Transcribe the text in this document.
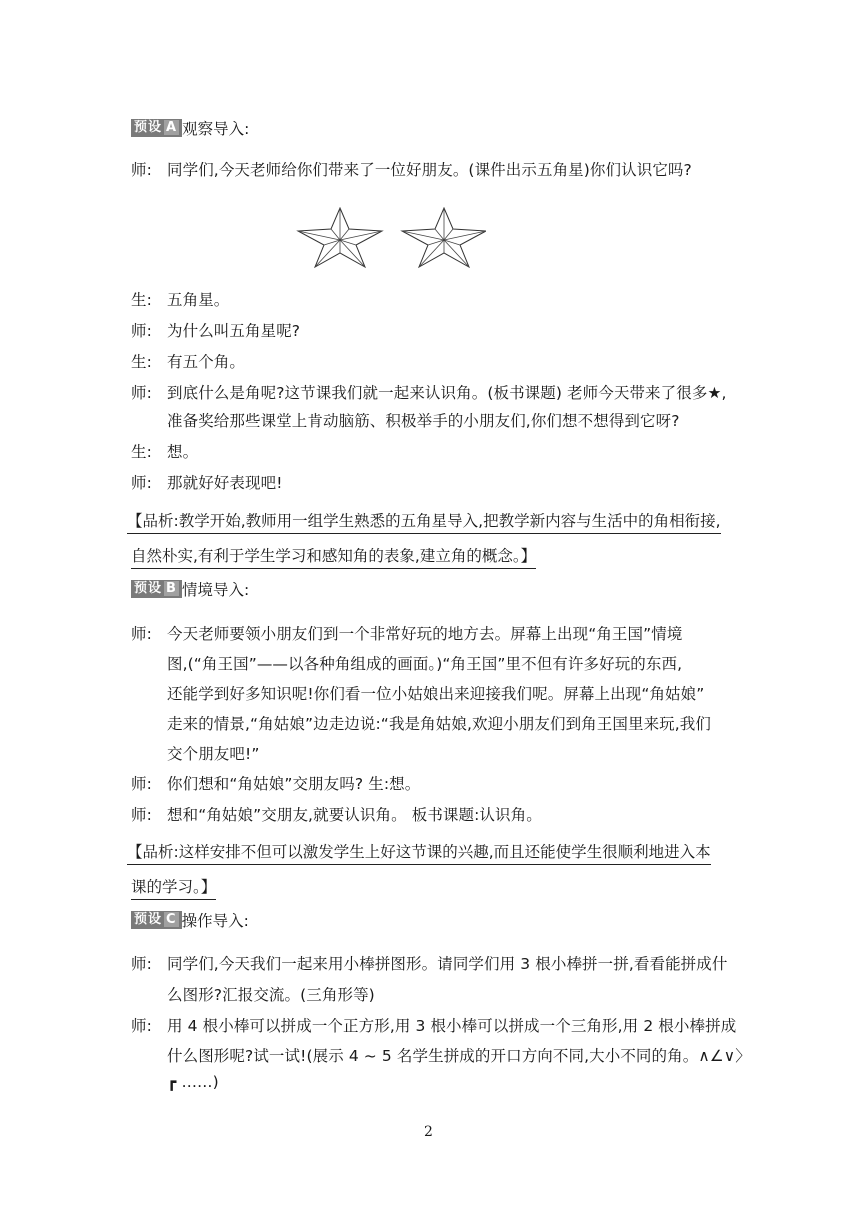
预设 A 观察导入:
师: 同学们,今天老师给你们带来了一位好朋友。(课件出示五角星)你们认识它吗?
生: 五角星。
师: 为什么叫五角星呢?
生: 有五个角。
师: 到底什么是角呢?这节课我们就一起来认识角。(板书课题) 老师今天带来了很多★,
准备奖给那些课堂上肯动脑筋、积极举手的小朋友们,你们想不想得到它呀?
生: 想。
师: 那就好好表现吧!
【品析:教学开始,教师用一组学生熟悉的五角星导入,把教学新内容与生活中的角相衔接,
自然朴实,有利于学生学习和感知角的表象,建立角的概念。】
预设 B 情境导入:
师: 今天老师要领小朋友们到一个非常好玩的地方去。屏幕上出现“角王国”情境
图,(“角王国”——以各种角组成的画面。)“角王国”里不但有许多好玩的东西,
还能学到好多知识呢!你们看一位小姑娘出来迎接我们呢。屏幕上出现“角姑娘”
走来的情景,“角姑娘”边走边说:“我是角姑娘,欢迎小朋友们到角王国里来玩,我们
交个朋友吧!”
师: 你们想和“角姑娘”交朋友吗? 生:想。
师: 想和“角姑娘”交朋友,就要认识角。 板书课题:认识角。
【品析:这样安排不但可以激发学生上好这节课的兴趣,而且还能使学生很顺利地进入本
课的学习。】
预设 C 操作导入:
师: 同学们,今天我们一起来用小棒拼图形。请同学们用 3 根小棒拼一拼,看看能拼成什
么图形?汇报交流。(三角形等)
师: 用 4 根小棒可以拼成一个正方形,用 3 根小棒可以拼成一个三角形,用 2 根小棒拼成
什么图形呢?试一试!(展示 4 ~ 5 名学生拼成的开口方向不同,大小不同的角。∧∠∨〉
┏ ……)
2
